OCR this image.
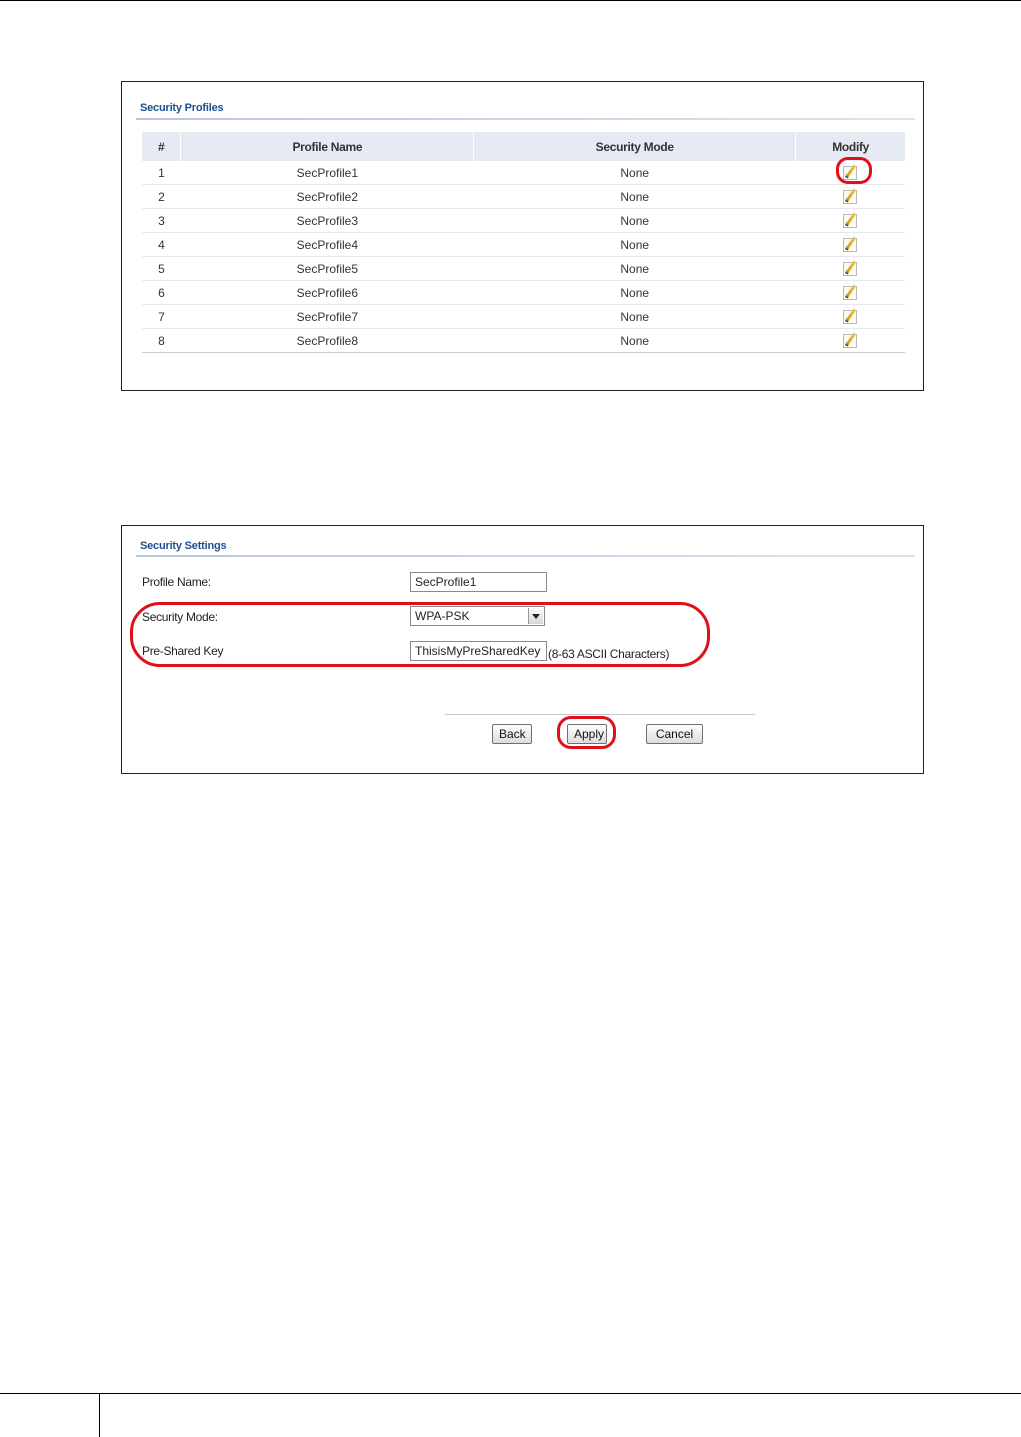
Security Profiles
#	Profile Name	Security Mode	Modify
1	SecProfile1	None	
2	SecProfile2	None	
3	SecProfile3	None	
4	SecProfile4	None	
5	SecProfile5	None	
6	SecProfile6	None	
7	SecProfile7	None	
8	SecProfile8	None	
Security Settings
Profile Name:
SecProfile1
Security Mode:	WPA-PSK
Pre-Shared Key
ThisisMyPreSharedKey	(8-63 ASCII Characters)
Back	Apply	Cancel
